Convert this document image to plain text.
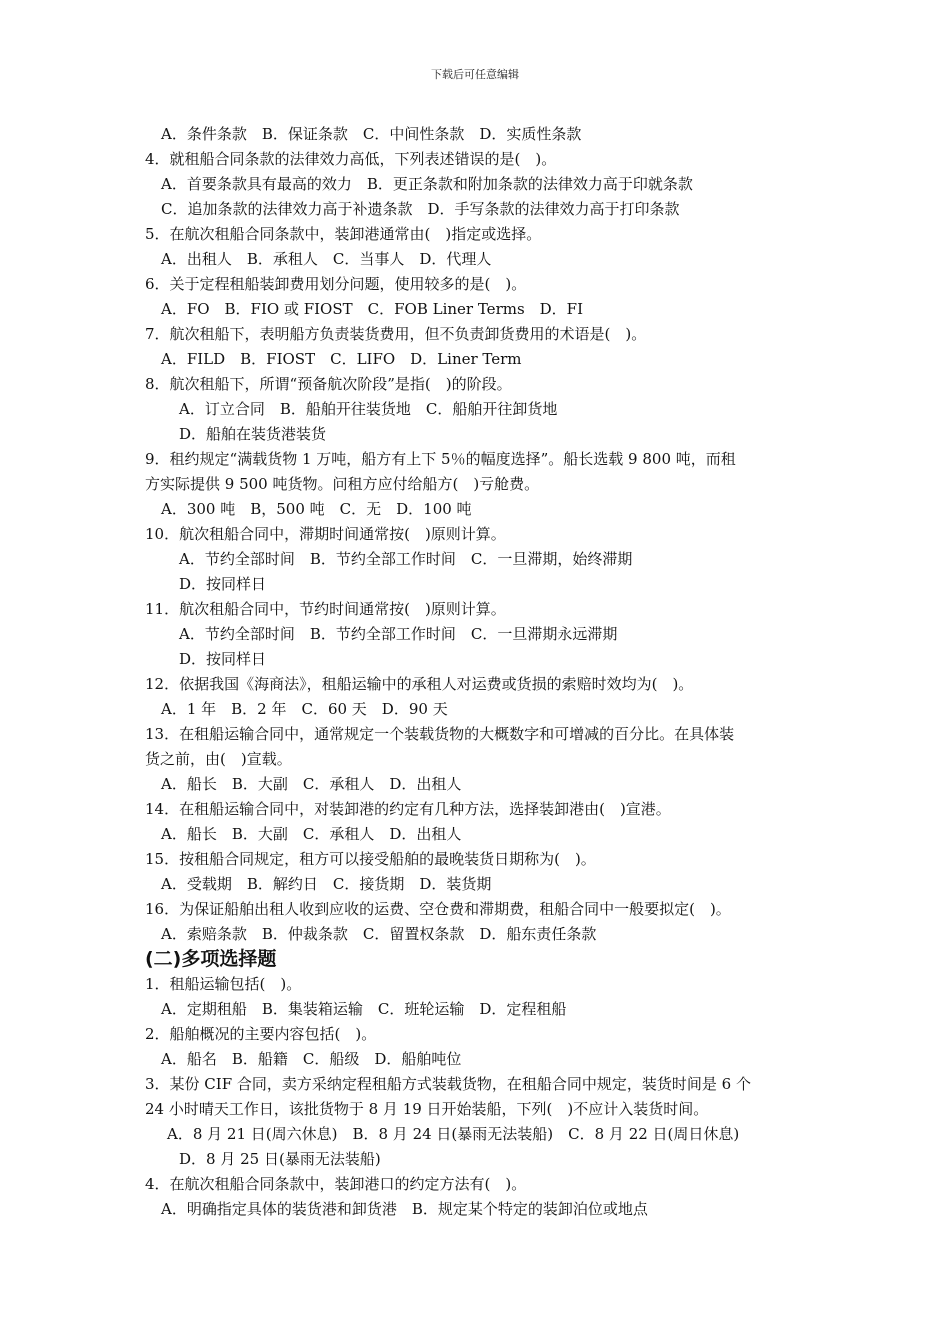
下载后可任意编辑
A．条件条款　B．保证条款　C．中间性条款　D．实质性条款
4．就租船合同条款的法律效力高低，下列表述错误的是(　)。
A．首要条款具有最高的效力　B．更正条款和附加条款的法律效力高于印就条款
C．追加条款的法律效力高于补遗条款　D．手写条款的法律效力高于打印条款
5．在航次租船合同条款中，装卸港通常由(　)指定或选择。
A．出租人　B．承租人　C．当事人　D．代理人
6．关于定程租船装卸费用划分问题，使用较多的是(　)。
A．FO　B．FIO 或 FIOST　C．FOB Liner Terms　D．FI
7．航次租船下，表明船方负责装货费用，但不负责卸货费用的术语是(　)。
A．FILD　B．FIOST　C．LIFO　D．Liner Term
8．航次租船下，所谓“预备航次阶段”是指(　)的阶段。
A．订立合同　B．船舶开往装货地　C．船舶开往卸货地
D．船舶在装货港装货
9．租约规定“满载货物 1 万吨，船方有上下 5％的幅度选择”。船长选载 9 800 吨，而租
方实际提供 9 500 吨货物。问租方应付给船方(　)亏舱费。
A．300 吨　B，500 吨　C．无　D．100 吨
10．航次租船合同中，滞期时间通常按(　)原则计算。
A．节约全部时间　B．节约全部工作时间　C．一旦滞期，始终滞期
D．按同样日
11．航次租船合同中，节约时间通常按(　)原则计算。
A．节约全部时间　B．节约全部工作时间　C．一旦滞期永远滞期
D．按同样日
12．依据我国《海商法》，租船运输中的承租人对运费或货损的索赔时效均为(　)。
A．1 年　B．2 年　C．60 天　D．90 天
13．在租船运输合同中，通常规定一个装载货物的大概数字和可增减的百分比。在具体装
货之前，由(　)宣载。
A．船长　B．大副　C．承租人　D．出租人
14．在租船运输合同中，对装卸港的约定有几种方法，选择装卸港由(　)宣港。
A．船长　B．大副　C．承租人　D．出租人
15．按租船合同规定，租方可以接受船舶的最晚装货日期称为(　)。
A．受载期　B．解约日　C．接货期　D．装货期
16．为保证船舶出租人收到应收的运费、空仓费和滞期费，租船合同中一般要拟定(　)。
A．索赔条款　B．仲裁条款　C．留置权条款　D．船东责任条款
(二)多项选择题
1．租船运输包括(　)。
A．定期租船　B．集装箱运输　C．班轮运输　D．定程租船
2．船舶概况的主要内容包括(　)。
A．船名　B．船籍　C．船级　D．船舶吨位
3．某份 CIF 合同，卖方采纳定程租船方式装载货物，在租船合同中规定，装货时间是 6 个
24 小时晴天工作日，该批货物于 8 月 19 日开始装船，下列(　)不应计入装货时间。
A．8 月 21 日(周六休息)　B．8 月 24 日(暴雨无法装船)　C．8 月 22 日(周日休息)
D．8 月 25 日(暴雨无法装船)
4．在航次租船合同条款中，装卸港口的约定方法有(　)。
A．明确指定具体的装货港和卸货港　B．规定某个特定的装卸泊位或地点
